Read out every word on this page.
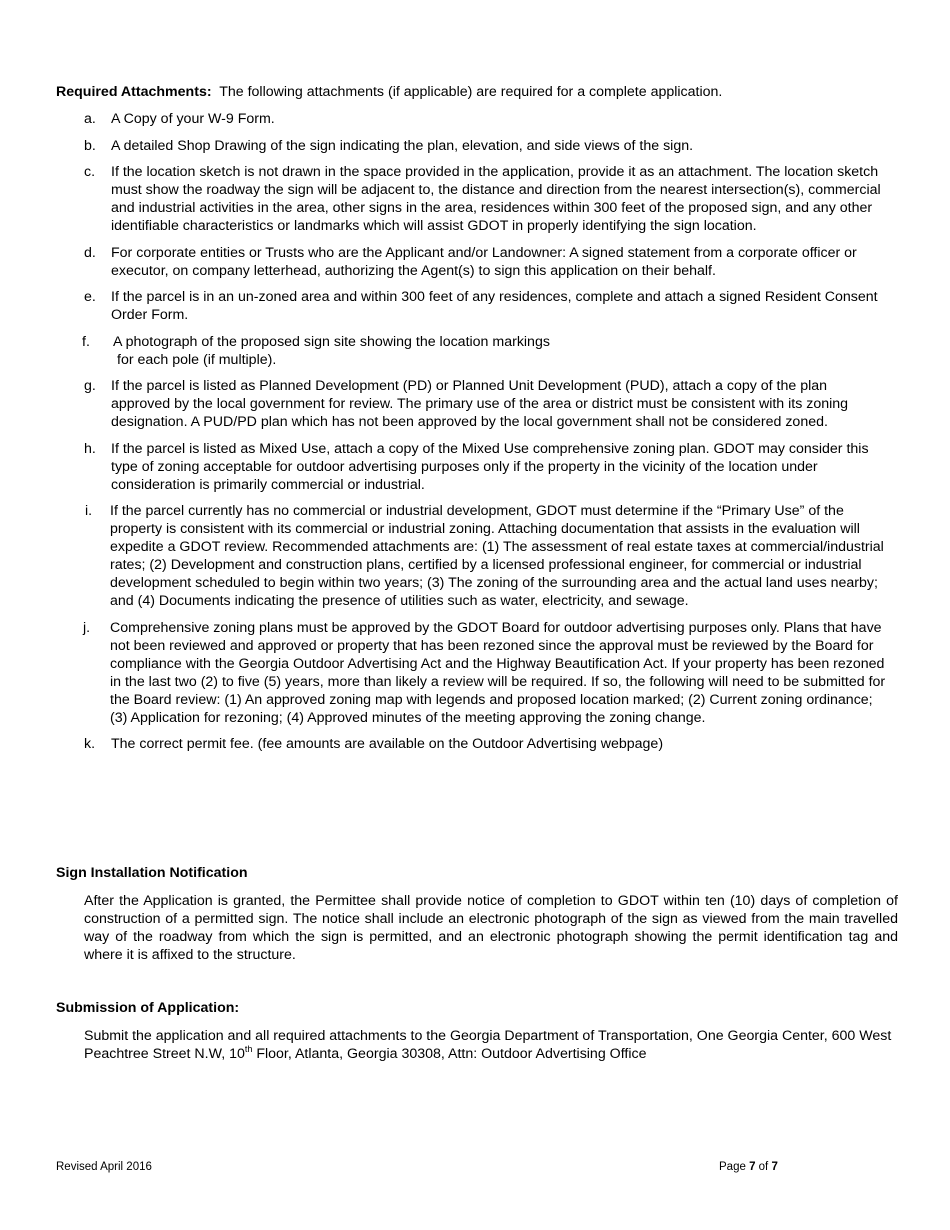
Required Attachments: The following attachments (if applicable) are required for a complete application.
a. A Copy of your W-9 Form.
b. A detailed Shop Drawing of the sign indicating the plan, elevation, and side views of the sign.
c. If the location sketch is not drawn in the space provided in the application, provide it as an attachment. The location sketch must show the roadway the sign will be adjacent to, the distance and direction from the nearest intersection(s), commercial and industrial activities in the area, other signs in the area, residences within 300 feet of the proposed sign, and any other identifiable characteristics or landmarks which will assist GDOT in properly identifying the sign location.
d. For corporate entities or Trusts who are the Applicant and/or Landowner: A signed statement from a corporate officer or executor, on company letterhead, authorizing the Agent(s) to sign this application on their behalf.
e. If the parcel is in an un-zoned area and within 300 feet of any residences, complete and attach a signed Resident Consent Order Form.
f. A photograph of the proposed sign site showing the location markings
for each pole (if multiple).
g. If the parcel is listed as Planned Development (PD) or Planned Unit Development (PUD), attach a copy of the plan approved by the local government for review. The primary use of the area or district must be consistent with its zoning designation. A PUD/PD plan which has not been approved by the local government shall not be considered zoned.
h. If the parcel is listed as Mixed Use, attach a copy of the Mixed Use comprehensive zoning plan. GDOT may consider this type of zoning acceptable for outdoor advertising purposes only if the property in the vicinity of the location under consideration is primarily commercial or industrial.
i. If the parcel currently has no commercial or industrial development, GDOT must determine if the “Primary Use” of the property is consistent with its commercial or industrial zoning. Attaching documentation that assists in the evaluation will expedite a GDOT review. Recommended attachments are: (1) The assessment of real estate taxes at commercial/industrial rates; (2) Development and construction plans, certified by a licensed professional engineer, for commercial or industrial development scheduled to begin within two years; (3) The zoning of the surrounding area and the actual land uses nearby; and (4) Documents indicating the presence of utilities such as water, electricity, and sewage.
j. Comprehensive zoning plans must be approved by the GDOT Board for outdoor advertising purposes only. Plans that have not been reviewed and approved or property that has been rezoned since the approval must be reviewed by the Board for compliance with the Georgia Outdoor Advertising Act and the Highway Beautification Act. If your property has been rezoned in the last two (2) to five (5) years, more than likely a review will be required. If so, the following will need to be submitted for the Board review: (1) An approved zoning map with legends and proposed location marked; (2) Current zoning ordinance; (3) Application for rezoning; (4) Approved minutes of the meeting approving the zoning change.
k. The correct permit fee. (fee amounts are available on the Outdoor Advertising webpage)
Sign Installation Notification
After the Application is granted, the Permittee shall provide notice of completion to GDOT within ten (10) days of completion of construction of a permitted sign. The notice shall include an electronic photograph of the sign as viewed from the main travelled way of the roadway from which the sign is permitted, and an electronic photograph showing the permit identification tag and where it is affixed to the structure.
Submission of Application:
Submit the application and all required attachments to the Georgia Department of Transportation, One Georgia Center, 600 West Peachtree Street N.W, 10th Floor, Atlanta, Georgia 30308, Attn: Outdoor Advertising Office
Revised April 2016	Page 7 of 7
